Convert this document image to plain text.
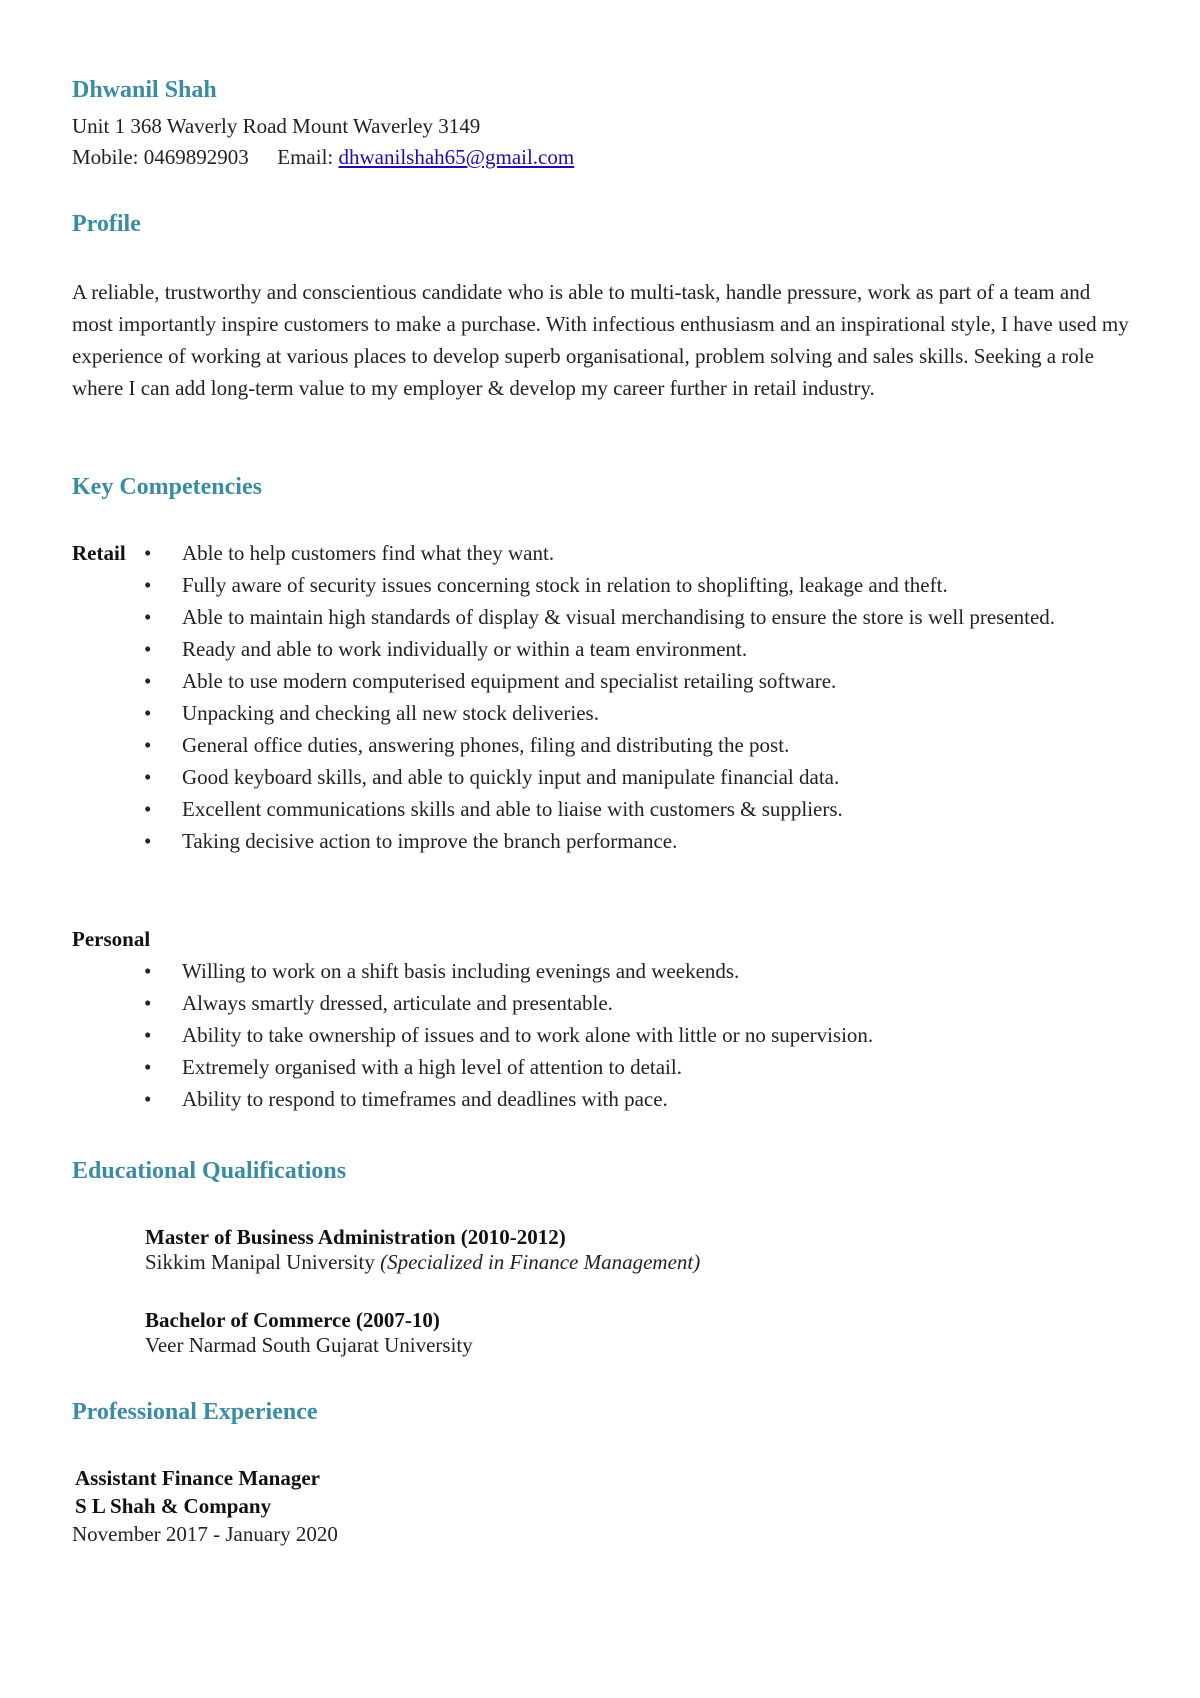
Dhwanil Shah
Unit 1 368 Waverly Road Mount Waverley 3149
Mobile: 0469892903 Email: dhwanilshah65@gmail.com
Profile
A reliable, trustworthy and conscientious candidate who is able to multi-task, handle pressure, work as part of a team and most importantly inspire customers to make a purchase. With infectious enthusiasm and an inspirational style, I have used my experience of working at various places to develop superb organisational, problem solving and sales skills. Seeking a role where I can add long-term value to my employer & develop my career further in retail industry.
Key Competencies
Retail • Able to help customers find what they want.
• Fully aware of security issues concerning stock in relation to shoplifting, leakage and theft.
• Able to maintain high standards of display & visual merchandising to ensure the store is well presented.
• Ready and able to work individually or within a team environment.
• Able to use modern computerised equipment and specialist retailing software.
• Unpacking and checking all new stock deliveries.
• General office duties, answering phones, filing and distributing the post.
• Good keyboard skills, and able to quickly input and manipulate financial data.
• Excellent communications skills and able to liaise with customers & suppliers.
• Taking decisive action to improve the branch performance.
Personal
• Willing to work on a shift basis including evenings and weekends.
• Always smartly dressed, articulate and presentable.
• Ability to take ownership of issues and to work alone with little or no supervision.
• Extremely organised with a high level of attention to detail.
• Ability to respond to timeframes and deadlines with pace.
Educational Qualifications
Master of Business Administration (2010-2012)
Sikkim Manipal University (Specialized in Finance Management)
Bachelor of Commerce (2007-10)
Veer Narmad South Gujarat University
Professional Experience
Assistant Finance Manager
S L Shah & Company
November 2017 - January 2020
